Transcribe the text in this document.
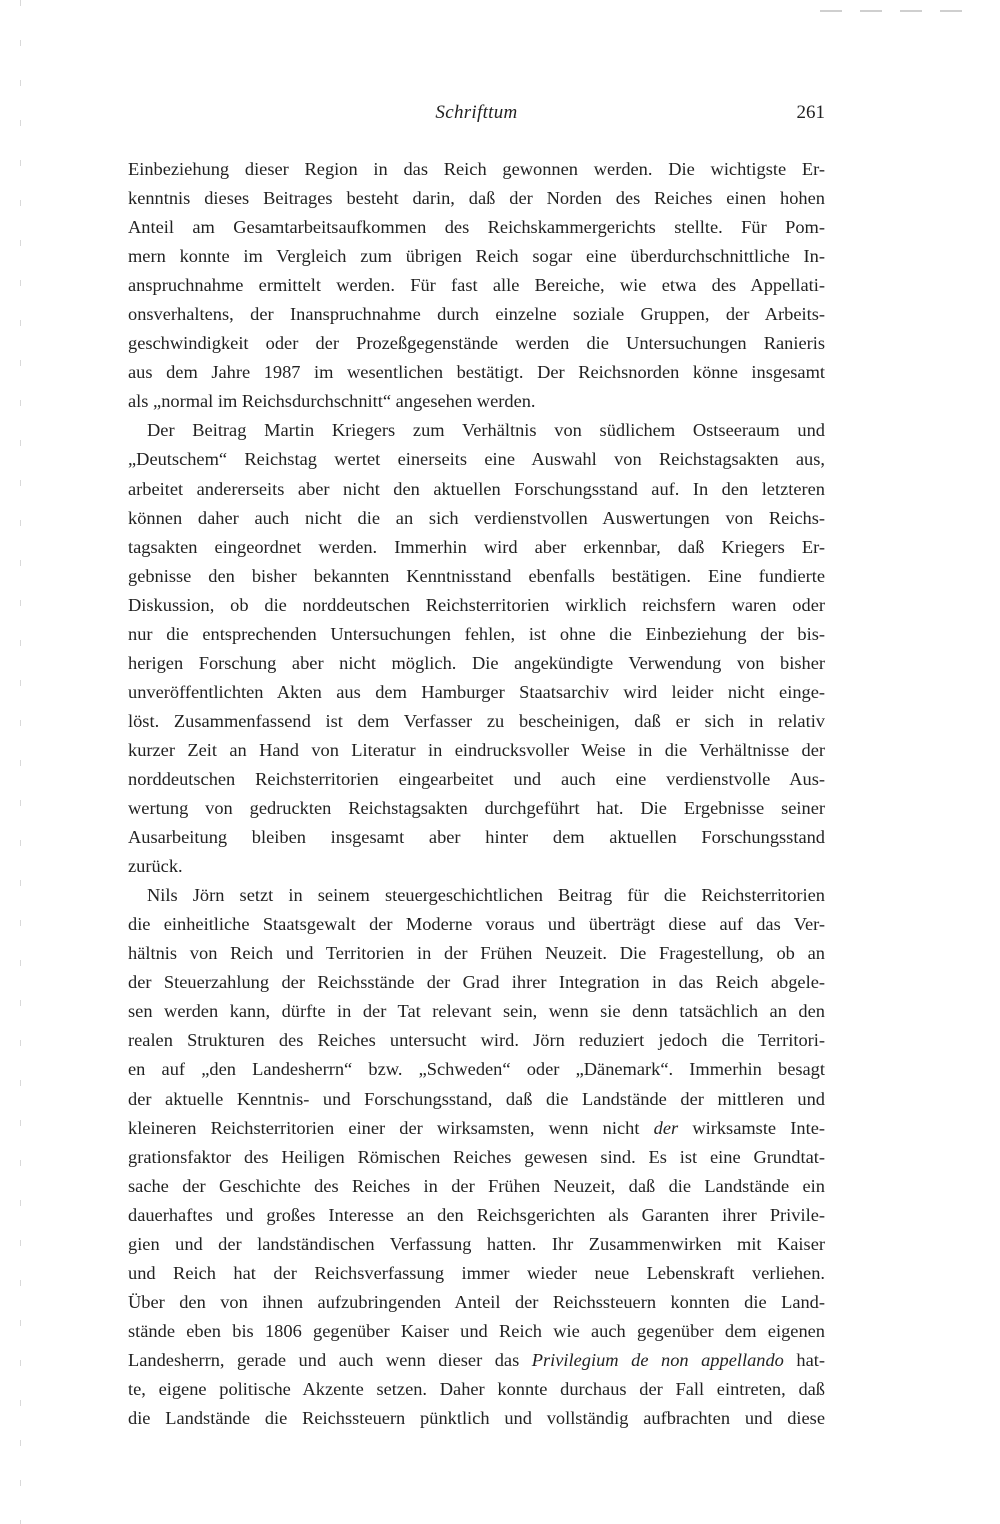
Schrifttum	261
Einbeziehung dieser Region in das Reich gewonnen werden. Die wichtigste Er-
kenntnis dieses Beitrages besteht darin, daß der Norden des Reiches einen hohen
Anteil am Gesamtarbeitsaufkommen des Reichskammergerichts stellte. Für Pom-
mern konnte im Vergleich zum übrigen Reich sogar eine überdurchschnittliche In-
anspruchnahme ermittelt werden. Für fast alle Bereiche, wie etwa des Appellati-
onsverhaltens, der Inanspruchnahme durch einzelne soziale Gruppen, der Arbeits-
geschwindigkeit oder der Prozeßgegenstände werden die Untersuchungen Ranieris
aus dem Jahre 1987 im wesentlichen bestätigt. Der Reichsnorden könne insgesamt
als „normal im Reichsdurchschnitt“ angesehen werden.
Der Beitrag Martin Kriegers zum Verhältnis von südlichem Ostseeraum und
„Deutschem“ Reichstag wertet einerseits eine Auswahl von Reichstagsakten aus,
arbeitet andererseits aber nicht den aktuellen Forschungsstand auf. In den letzteren
können daher auch nicht die an sich verdienstvollen Auswertungen von Reichs-
tagsakten eingeordnet werden. Immerhin wird aber erkennbar, daß Kriegers Er-
gebnisse den bisher bekannten Kenntnisstand ebenfalls bestätigen. Eine fundierte
Diskussion, ob die norddeutschen Reichsterritorien wirklich reichsfern waren oder
nur die entsprechenden Untersuchungen fehlen, ist ohne die Einbeziehung der bis-
herigen Forschung aber nicht möglich. Die angekündigte Verwendung von bisher
unveröffentlichten Akten aus dem Hamburger Staatsarchiv wird leider nicht einge-
löst. Zusammenfassend ist dem Verfasser zu bescheinigen, daß er sich in relativ
kurzer Zeit an Hand von Literatur in eindrucksvoller Weise in die Verhältnisse der
norddeutschen Reichsterritorien eingearbeitet und auch eine verdienstvolle Aus-
wertung von gedruckten Reichstagsakten durchgeführt hat. Die Ergebnisse seiner
Ausarbeitung bleiben insgesamt aber hinter dem aktuellen Forschungsstand
zurück.
Nils Jörn setzt in seinem steuergeschichtlichen Beitrag für die Reichsterritorien
die einheitliche Staatsgewalt der Moderne voraus und überträgt diese auf das Ver-
hältnis von Reich und Territorien in der Frühen Neuzeit. Die Fragestellung, ob an
der Steuerzahlung der Reichsstände der Grad ihrer Integration in das Reich abgele-
sen werden kann, dürfte in der Tat relevant sein, wenn sie denn tatsächlich an den
realen Strukturen des Reiches untersucht wird. Jörn reduziert jedoch die Territori-
en auf „den Landesherrn“ bzw. „Schweden“ oder „Dänemark“. Immerhin besagt
der aktuelle Kenntnis- und Forschungsstand, daß die Landstände der mittleren und
kleineren Reichsterritorien einer der wirksamsten, wenn nicht der wirksamste Inte-
grationsfaktor des Heiligen Römischen Reiches gewesen sind. Es ist eine Grundtat-
sache der Geschichte des Reiches in der Frühen Neuzeit, daß die Landstände ein
dauerhaftes und großes Interesse an den Reichsgerichten als Garanten ihrer Privile-
gien und der landständischen Verfassung hatten. Ihr Zusammenwirken mit Kaiser
und Reich hat der Reichsverfassung immer wieder neue Lebenskraft verliehen.
Über den von ihnen aufzubringenden Anteil der Reichssteuern konnten die Land-
stände eben bis 1806 gegenüber Kaiser und Reich wie auch gegenüber dem eigenen
Landesherrn, gerade und auch wenn dieser das Privilegium de non appellando hat-
te, eigene politische Akzente setzen. Daher konnte durchaus der Fall eintreten, daß
die Landstände die Reichssteuern pünktlich und vollständig aufbrachten und diese
